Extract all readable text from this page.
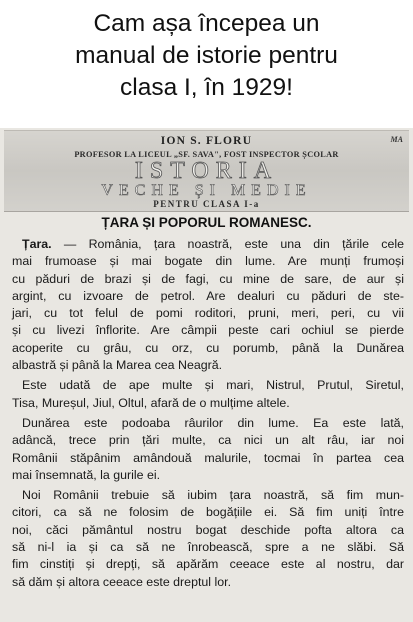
Cam așa începea un
manual de istorie pentru
clasa I, în 1929!
ION S. FLORU	MA
PROFESOR LA LICEUL „SF. SAVA", FOST INSPECTOR ȘCOLAR
ISTORIA
VECHE ȘI MEDIE
PENTRU CLASA I-a
ȚARA ȘI POPORUL ROMANESC.

Țara. — România, țara noastră, este una din țările cele
mai frumoase și mai bogate din lume. Are munți frumoși
cu păduri de brazi și de fagi, cu mine de sare, de aur și
argint, cu izvoare de petrol. Are dealuri cu păduri de ste-
jari, cu tot felul de pomi roditori, pruni, meri, peri, cu vii
și cu livezi înflorite. Are câmpii peste cari ochiul se pierde
acoperite cu grâu, cu orz, cu porumb, până la Dunărea
albastră și până la Marea cea Neagră.

Este udată de ape multe și mari, Nistrul, Prutul, Siretul,
Tisa, Mureșul, Jiul, Oltul, afară de o mulțime altele.

Dunărea este podoaba râurilor din lume. Ea este lată,
adâncă, trece prin țări multe, ca nici un alt râu, iar noi
Românii stăpânim amândouă malurile, tocmai în partea cea
mai însemnată, la gurile ei.

Noi Românii trebuie să iubim țara noastră, să fim mun-
citori, ca să ne folosim de bogățiile ei. Să fim uniți între
noi, căci pământul nostru bogat deschide pofta altora ca
să ni-l ia și ca să ne înrobească, spre a ne slăbi. Să
fim cinstiți și drepți, să apărăm ceeace este al nostru, dar
să dăm și altora ceeace este dreptul lor.
